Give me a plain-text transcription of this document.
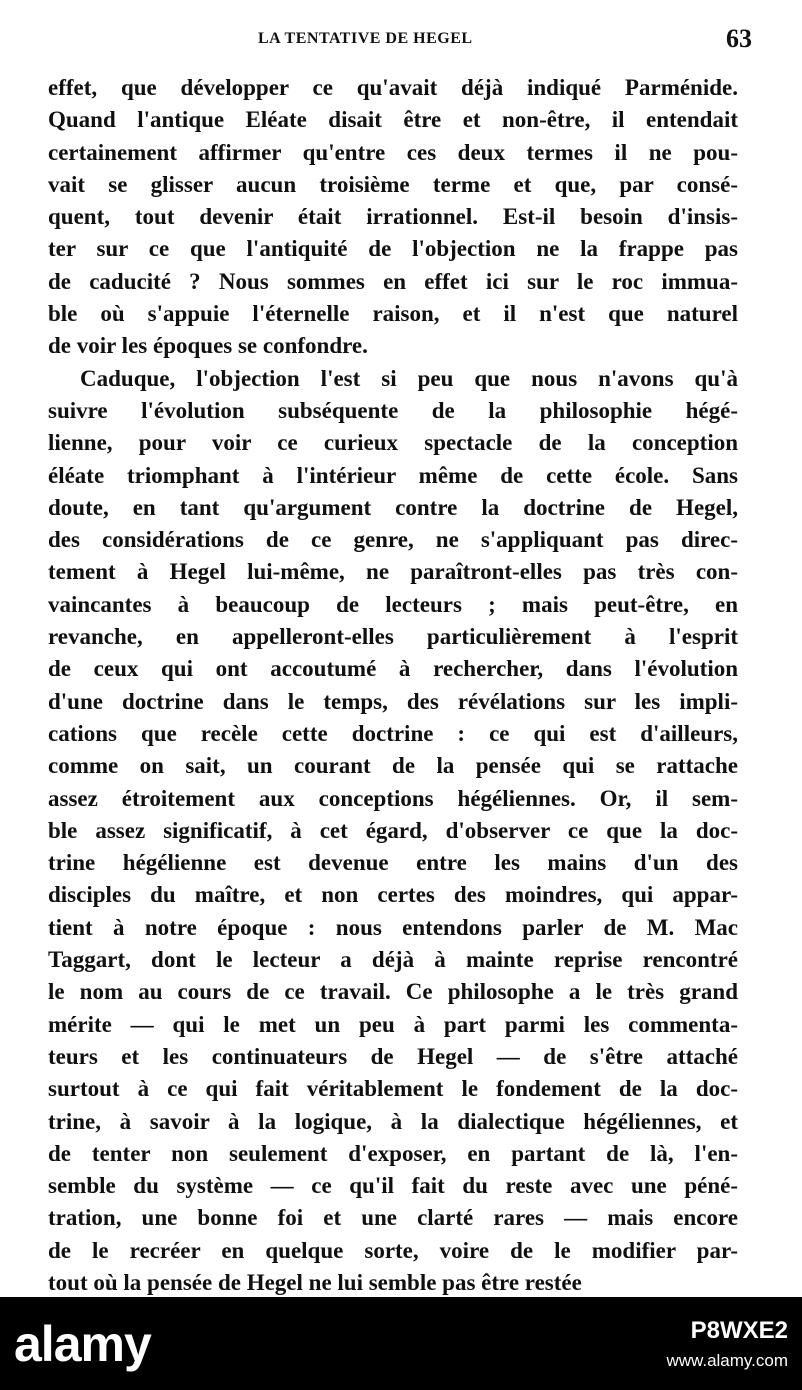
LA TENTATIVE DE HEGEL	63
effet, que développer ce qu'avait déjà indiqué Parménide.
Quand l'antique Eléate disait être et non-être, il entendait
certainement affirmer qu'entre ces deux termes il ne pou-
vait se glisser aucun troisième terme et que, par consé-
quent, tout devenir était irrationnel. Est-il besoin d'insis-
ter sur ce que l'antiquité de l'objection ne la frappe pas
de caducité ? Nous sommes en effet ici sur le roc immua-
ble où s'appuie l'éternelle raison, et il n'est que naturel
de voir les époques se confondre.
Caduque, l'objection l'est si peu que nous n'avons qu'à
suivre l'évolution subséquente de la philosophie hégé-
lienne, pour voir ce curieux spectacle de la conception
éléate triomphant à l'intérieur même de cette école. Sans
doute, en tant qu'argument contre la doctrine de Hegel,
des considérations de ce genre, ne s'appliquant pas direc-
tement à Hegel lui-même, ne paraîtront-elles pas très con-
vaincantes à beaucoup de lecteurs ; mais peut-être, en
revanche, en appelleront-elles particulièrement à l'esprit
de ceux qui ont accoutumé à rechercher, dans l'évolution
d'une doctrine dans le temps, des révélations sur les impli-
cations que recèle cette doctrine : ce qui est d'ailleurs,
comme on sait, un courant de la pensée qui se rattache
assez étroitement aux conceptions hégéliennes. Or, il sem-
ble assez significatif, à cet égard, d'observer ce que la doc-
trine hégélienne est devenue entre les mains d'un des
disciples du maître, et non certes des moindres, qui appar-
tient à notre époque : nous entendons parler de M. Mac
Taggart, dont le lecteur a déjà à mainte reprise rencontré
le nom au cours de ce travail. Ce philosophe a le très grand
mérite — qui le met un peu à part parmi les commenta-
teurs et les continuateurs de Hegel — de s'être attaché
surtout à ce qui fait véritablement le fondement de la doc-
trine, à savoir à la logique, à la dialectique hégéliennes, et
de tenter non seulement d'exposer, en partant de là, l'en-
semble du système — ce qu'il fait du reste avec une péné-
tration, une bonne foi et une clarté rares — mais encore
de le recréer en quelque sorte, voire de le modifier par-
tout où la pensée de Hegel ne lui semble pas être restée
alamy	P8WXE2
www.alamy.com
